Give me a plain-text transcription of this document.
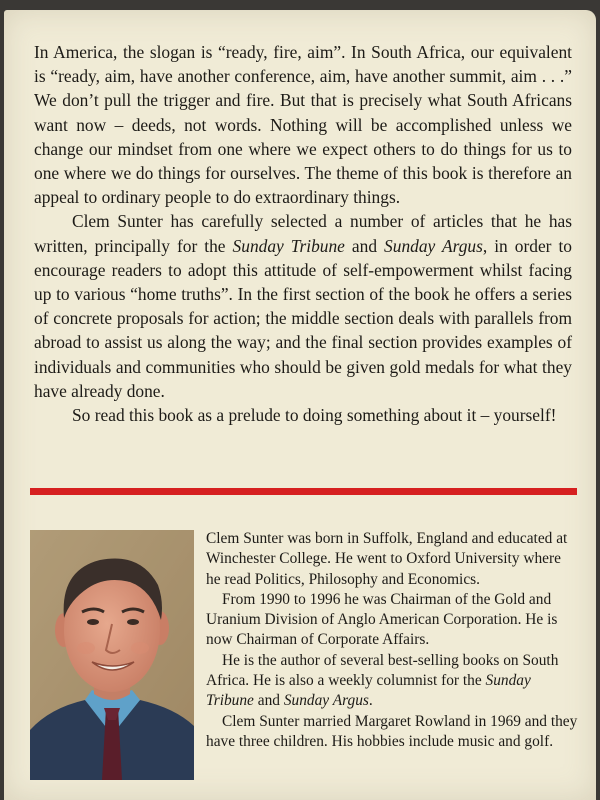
In America, the slogan is “ready, fire, aim”. In South Africa, our equivalent is “ready, aim, have another conference, aim, have another summit, aim . . .” We don’t pull the trigger and fire. But that is precisely what South Africans want now – deeds, not words. Nothing will be accomplished unless we change our mindset from one where we expect others to do things for us to one where we do things for ourselves. The theme of this book is therefore an appeal to ordinary people to do extraordinary things.

Clem Sunter has carefully selected a number of articles that he has written, principally for the Sunday Tribune and Sunday Argus, in order to encourage readers to adopt this attitude of self-empowerment whilst facing up to various “home truths”. In the first section of the book he offers a series of concrete proposals for action; the middle section deals with parallels from abroad to assist us along the way; and the final section provides examples of individuals and communities who should be given gold medals for what they have already done.

So read this book as a prelude to doing something about it – yourself!

Clem Sunter was born in Suffolk, England and educated at Winchester College. He went to Oxford University where he read Politics, Philosophy and Economics.

From 1990 to 1996 he was Chairman of the Gold and Uranium Division of Anglo American Corporation. He is now Chairman of Corporate Affairs.

He is the author of several best-selling books on South Africa. He is also a weekly columnist for the Sunday Tribune and Sunday Argus.

Clem Sunter married Margaret Rowland in 1969 and they have three children. His hobbies include music and golf.
